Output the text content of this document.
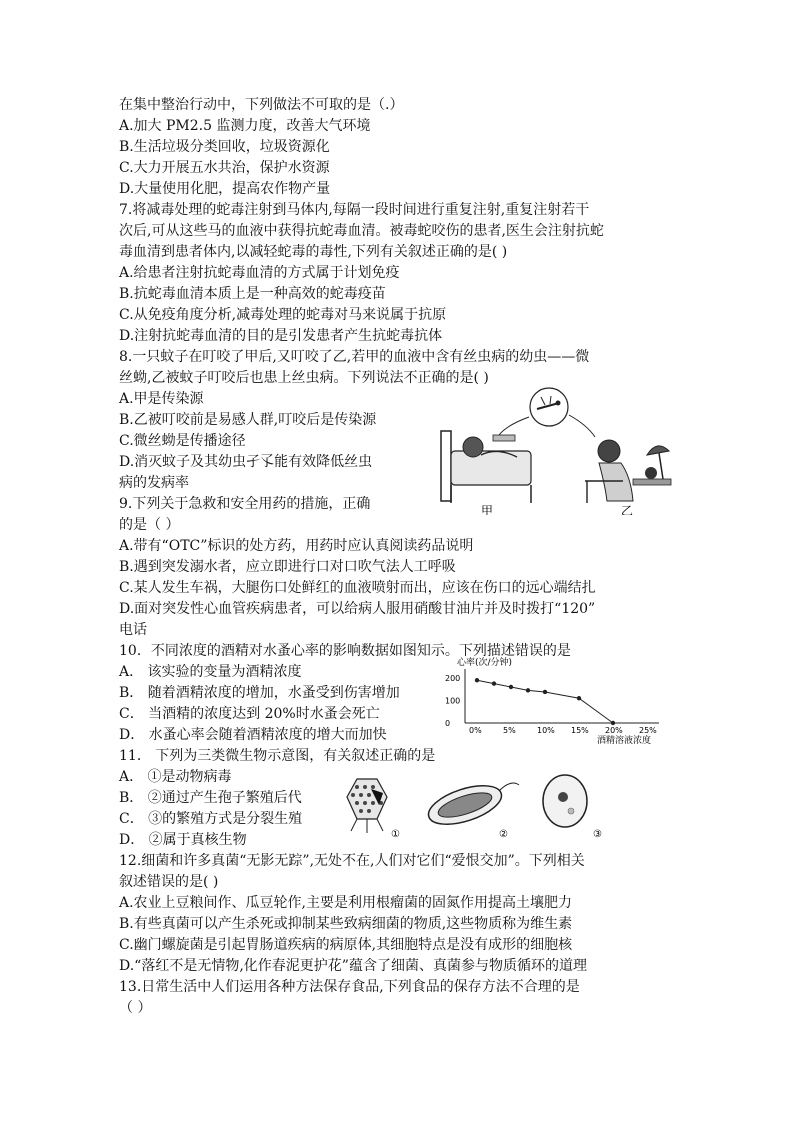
在集中整治行动中，下列做法不可取的是（.）
A.加大 PM2.5 监测力度，改善大气环境
B.生活垃圾分类回收，垃圾资源化
C.大力开展五水共治，保护水资源
D.大量使用化肥，提高农作物产量
7.将减毒处理的蛇毒注射到马体内,每隔一段时间进行重复注射,重复注射若干
次后,可从这些马的血液中获得抗蛇毒血清。被毒蛇咬伤的患者,医生会注射抗蛇
毒血清到患者体内,以减轻蛇毒的毒性,下列有关叙述正确的是( )
A.给患者注射抗蛇毒血清的方式属于计划免疫
B.抗蛇毒血清本质上是一种高效的蛇毒疫苗
C.从免疫角度分析,减毒处理的蛇毒对马来说属于抗原
D.注射抗蛇毒血清的目的是引发患者产生抗蛇毒抗体
8.一只蚊子在叮咬了甲后,又叮咬了乙,若甲的血液中含有丝虫病的幼虫——微
丝蚴,乙被蚊子叮咬后也患上丝虫病。下列说法不正确的是( )
A.甲是传染源
B.乙被叮咬前是易感人群,叮咬后是传染源
C.微丝蚴是传播途径
D.消灭蚊子及其幼虫孑孓能有效降低丝虫
病的发病率
甲	乙
9.下列关于急救和安全用药的措施，正确
的是（ ）
A.带有“OTC”标识的处方药，用药时应认真阅读药品说明
B.遇到突发溺水者，应立即进行口对口吹气法人工呼吸
C.某人发生车祸，大腿伤口处鲜红的血液喷射而出，应该在伤口的远心端结扎
D.面对突发性心血管疾病患者，可以给病人服用硝酸甘油片并及时拨打“120”
电话
10．不同浓度的酒精对水蚤心率的影响数据如图知示。下列描述错误的是
A． 该实验的变量为酒精浓度
B． 随着酒精浓度的增加，水蚤受到伤害增加
C． 当酒精的浓度达到 20%时水蚤会死亡
D． 水蚤心率会随着酒精浓度的增大而加快
心率(次/分钟)
200
100
0
0%	5%	10% 15% 20% 25%
酒精溶液浓度
11． 下列为三类微生物示意图，有关叙述正确的是
A． ①是动物病毒
B． ②通过产生孢子繁殖后代
C． ③的繁殖方式是分裂生殖
D． ②属于真核生物	①	②	③
12.细菌和许多真菌“无影无踪”,无处不在,人们对它们“爱恨交加”。下列相关
叙述错误的是( )
A.农业上豆粮间作、瓜豆轮作,主要是利用根瘤菌的固氮作用提高土壤肥力
B.有些真菌可以产生杀死或抑制某些致病细菌的物质,这些物质称为维生素
C.幽门螺旋菌是引起胃肠道疾病的病原体,其细胞特点是没有成形的细胞核
D.“落红不是无情物,化作春泥更护花”蕴含了细菌、真菌参与物质循环的道理
13.日常生活中人们运用各种方法保存食品,下列食品的保存方法不合理的是
（ ）
